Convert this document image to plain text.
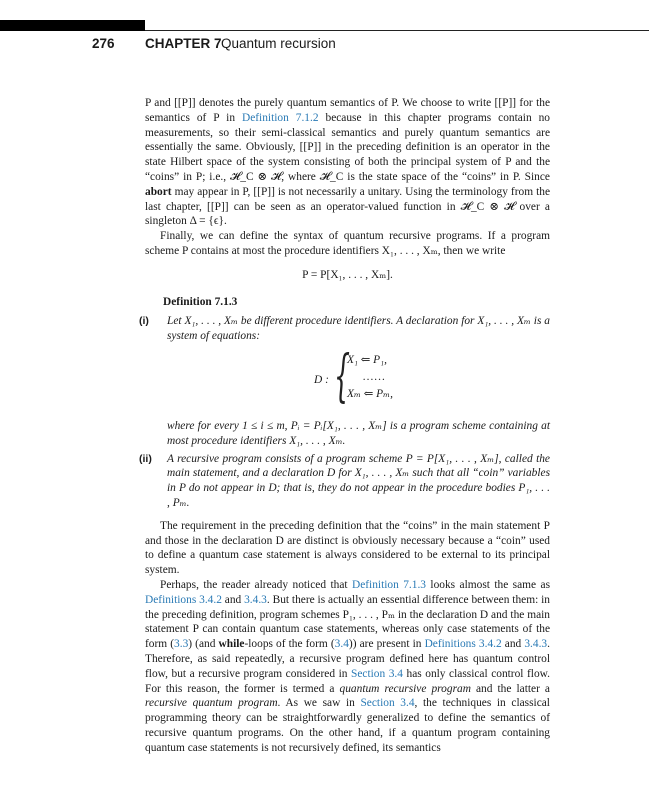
276 CHAPTER 7 Quantum recursion

P and [[P]] denotes the purely quantum semantics of P. We choose to write [[P]] for the semantics of P in Definition 7.1.2 because in this chapter programs contain no measurements, so their semi-classical semantics and purely quantum semantics are essentially the same. Obviously, [[P]] in the preceding definition is an operator in the state Hilbert space of the system consisting of both the principal system of P and the “coins” in P; i.e., 𝓗_C ⊗ 𝓗, where 𝓗_C is the state space of the “coins” in P. Since abort may appear in P, [[P]] is not necessarily a unitary. Using the terminology from the last chapter, [[P]] can be seen as an operator-valued function in 𝓗_C ⊗ 𝓗 over a singleton Δ = {ϵ}.

Finally, we can define the syntax of quantum recursive programs. If a program scheme P contains at most the procedure identifiers X₁, . . . , Xₘ, then we write

P = P[X₁, . . . , Xₘ].
Definition 7.1.3
(i) Let X₁, . . . , Xₘ be different procedure identifiers. A declaration for X₁, . . . , Xₘ is a system of equations:

D : {
X₁ ⇐ P₁,
......
Xₘ ⇐ Pₘ,

where for every 1 ≤ i ≤ m, Pᵢ = Pᵢ[X₁, . . . , Xₘ] is a program scheme containing at most procedure identifiers X₁, . . . , Xₘ.

(ii) A recursive program consists of a program scheme P = P[X₁, . . . , Xₘ], called the main statement, and a declaration D for X₁, . . . , Xₘ such that all “coin” variables in P do not appear in D; that is, they do not appear in the procedure bodies P₁, . . . , Pₘ.

The requirement in the preceding definition that the “coins” in the main statement P and those in the declaration D are distinct is obviously necessary because a “coin” used to define a quantum case statement is always considered to be external to its principal system.

Perhaps, the reader already noticed that Definition 7.1.3 looks almost the same as Definitions 3.4.2 and 3.4.3. But there is actually an essential difference between them: in the preceding definition, program schemes P₁, . . . , Pₘ in the declaration D and the main statement P can contain quantum case statements, whereas only case statements of the form (3.3) (and while-loops of the form (3.4)) are present in Definitions 3.4.2 and 3.4.3. Therefore, as said repeatedly, a recursive program defined here has quantum control flow, but a recursive program considered in Section 3.4 has only classical control flow. For this reason, the former is termed a quantum recursive program and the latter a recursive quantum program. As we saw in Section 3.4, the techniques in classical programming theory can be straightforwardly generalized to define the semantics of recursive quantum programs. On the other hand, if a quantum program containing quantum case statements is not recursively defined, its semantics
